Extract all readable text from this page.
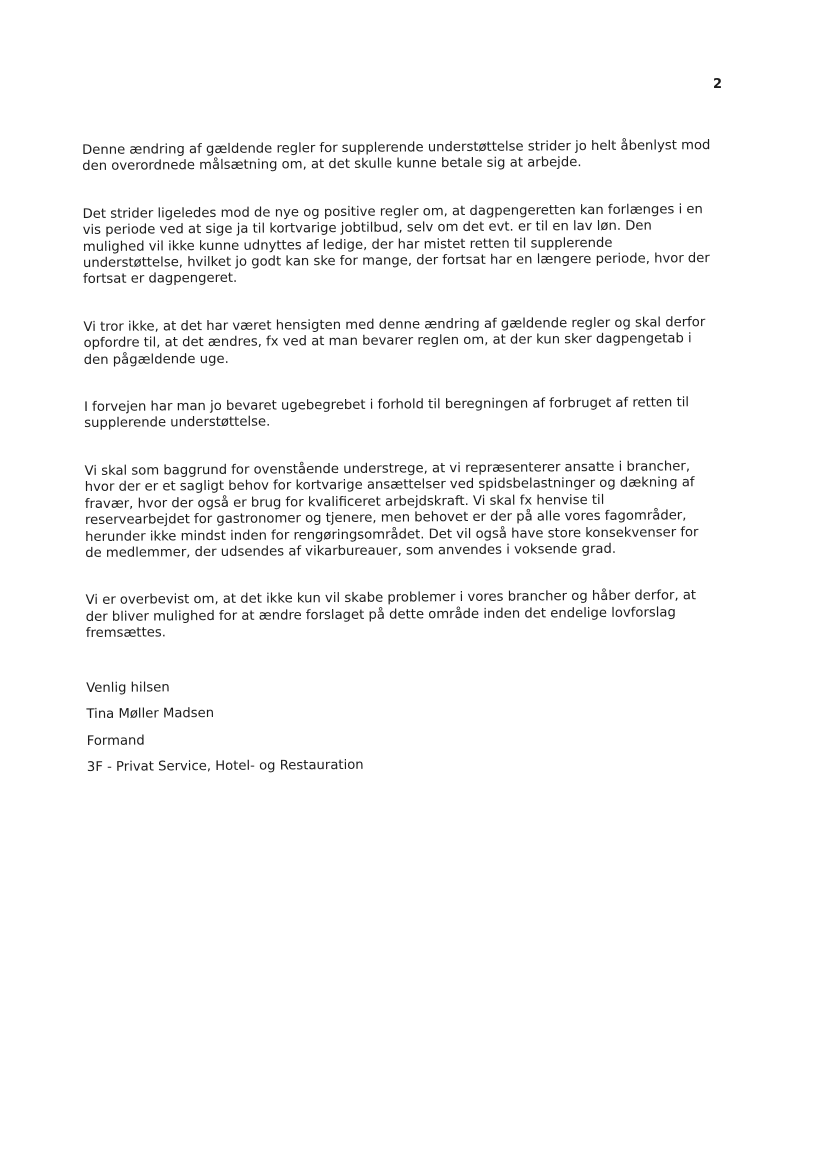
2

Denne ændring af gældende regler for supplerende understøttelse strider jo helt åbenlyst mod
den overordnede målsætning om, at det skulle kunne betale sig at arbejde.

Det strider ligeledes mod de nye og positive regler om, at dagpengeretten kan forlænges i en
vis periode ved at sige ja til kortvarige jobtilbud, selv om det evt. er til en lav løn. Den
mulighed vil ikke kunne udnyttes af ledige, der har mistet retten til supplerende
understøttelse, hvilket jo godt kan ske for mange, der fortsat har en længere periode, hvor der
fortsat er dagpengeret.

Vi tror ikke, at det har været hensigten med denne ændring af gældende regler og skal derfor
opfordre til, at det ændres, fx ved at man bevarer reglen om, at der kun sker dagpengetab i
den pågældende uge.

I forvejen har man jo bevaret ugebegrebet i forhold til beregningen af forbruget af retten til
supplerende understøttelse.

Vi skal som baggrund for ovenstående understrege, at vi repræsenterer ansatte i brancher,
hvor der er et sagligt behov for kortvarige ansættelser ved spidsbelastninger og dækning af
fravær, hvor der også er brug for kvalificeret arbejdskraft. Vi skal fx henvise til
reservearbejdet for gastronomer og tjenere, men behovet er der på alle vores fagområder,
herunder ikke mindst inden for rengøringsområdet. Det vil også have store konsekvenser for
de medlemmer, der udsendes af vikarbureauer, som anvendes i voksende grad.

Vi er overbevist om, at det ikke kun vil skabe problemer i vores brancher og håber derfor, at
der bliver mulighed for at ændre forslaget på dette område inden det endelige lovforslag
fremsættes.

Venlig hilsen
Tina Møller Madsen
Formand
3F - Privat Service, Hotel- og Restauration
